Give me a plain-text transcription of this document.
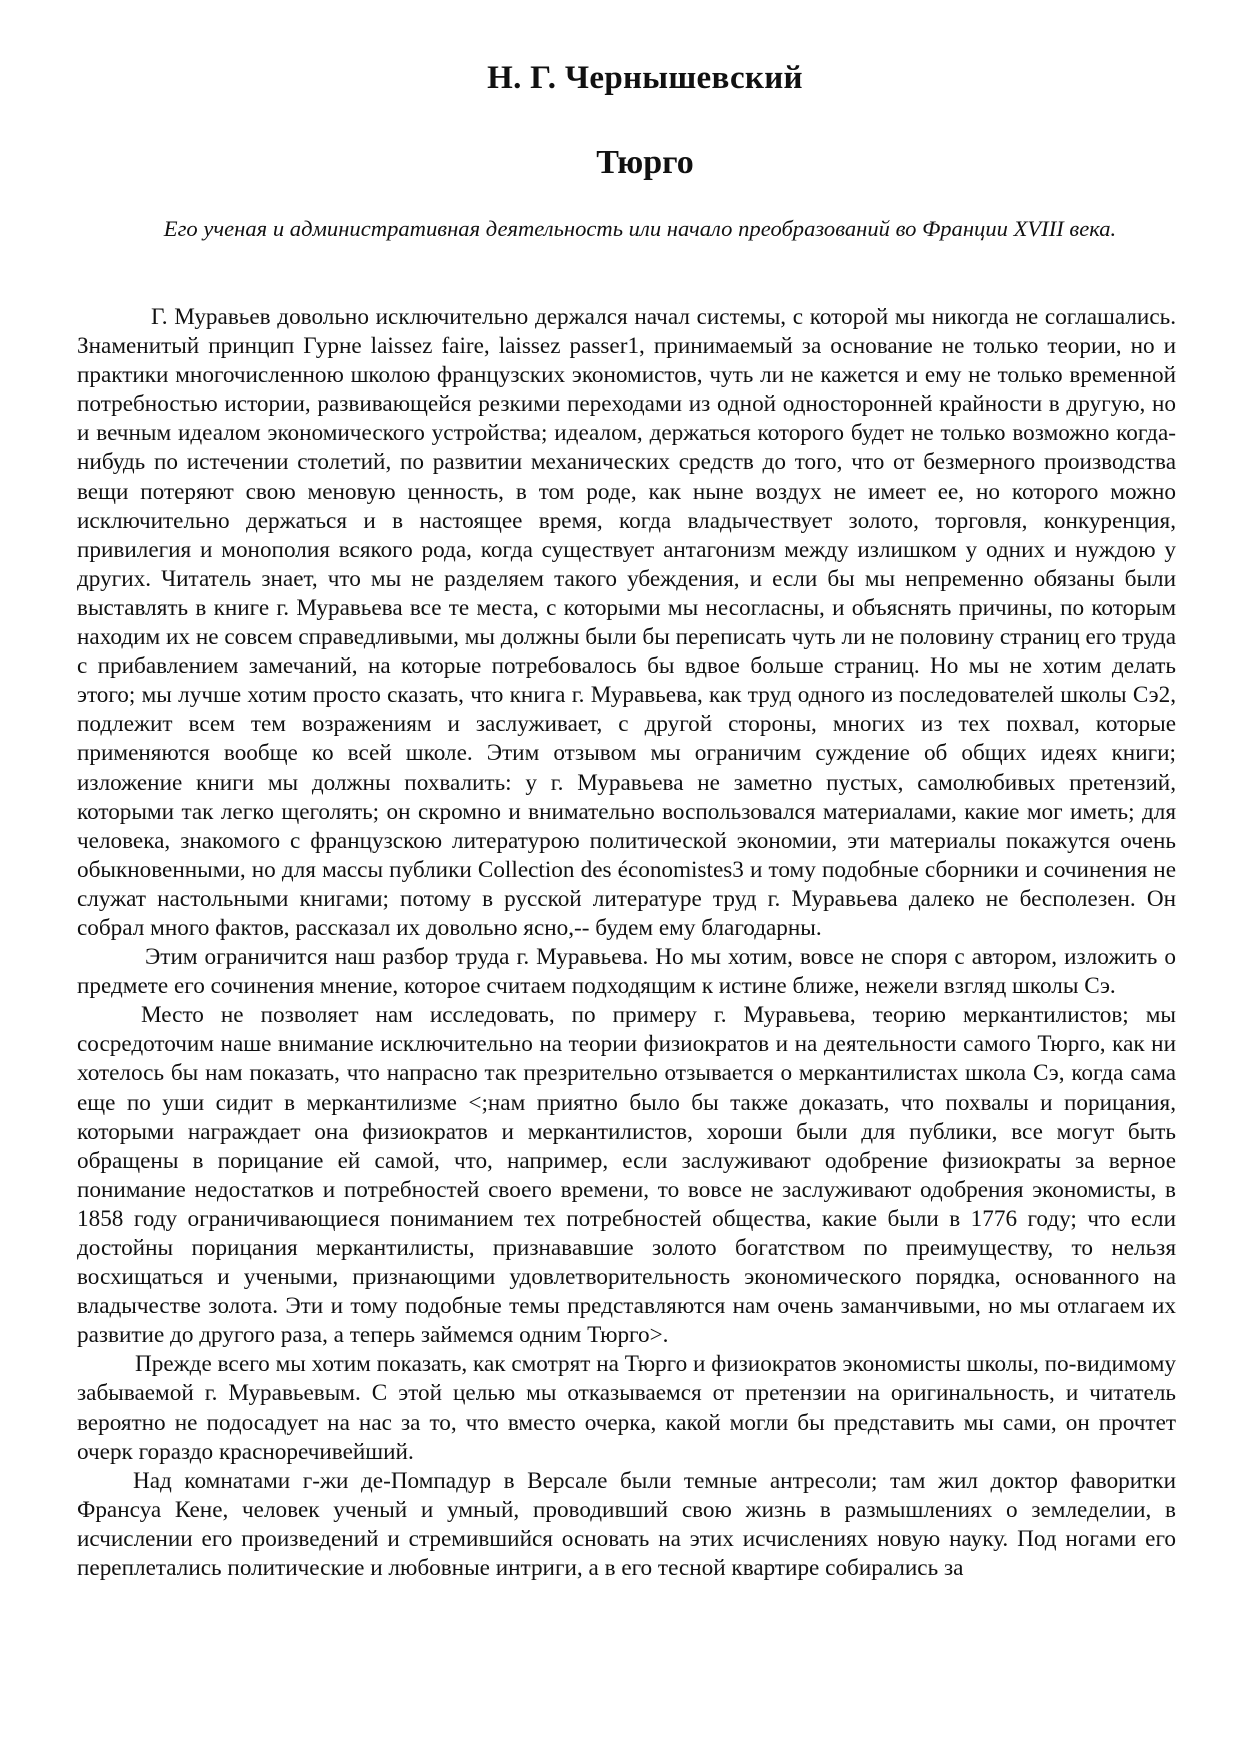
Н. Г. Чернышевский
Тюрго
Его ученая и административная деятельность или начало преобразований во Франции XVIII века.

Г. Муравьев довольно исключительно держался начал системы, с которой мы никогда не соглашались. Знаменитый принцип Гурне laissez faire, laissez passer1, принимаемый за основание не только теории, но и практики многочисленною школою французских экономистов, чуть ли не кажется и ему не только временной потребностью истории, развивающейся резкими переходами из одной односторонней крайности в другую, но и вечным идеалом экономического устройства; идеалом, держаться которого будет не только возможно когда-нибудь по истечении столетий, по развитии механических средств до того, что от безмерного производства вещи потеряют свою меновую ценность, в том роде, как ныне воздух не имеет ее, но которого можно исключительно держаться и в настоящее время, когда владычествует золото, торговля, конкуренция, привилегия и монополия всякого рода, когда существует антагонизм между излишком у одних и нуждою у других. Читатель знает, что мы не разделяем такого убеждения, и если бы мы непременно обязаны были выставлять в книге г. Муравьева все те места, с которыми мы несогласны, и объяснять причины, по которым находим их не совсем справедливыми, мы должны были бы переписать чуть ли не половину страниц его труда с прибавлением замечаний, на которые потребовалось бы вдвое больше страниц. Но мы не хотим делать этого; мы лучше хотим просто сказать, что книга г. Муравьева, как труд одного из последователей школы Сэ2, подлежит всем тем возражениям и заслуживает, с другой стороны, многих из тех похвал, которые применяются вообще ко всей школе. Этим отзывом мы ограничим суждение об общих идеях книги; изложение книги мы должны похвалить: у г. Муравьева не заметно пустых, самолюбивых претензий, которыми так легко щеголять; он скромно и внимательно воспользовался материалами, какие мог иметь; для человека, знакомого с французскою литературою политической экономии, эти материалы покажутся очень обыкновенными, но для массы публики Collection des économistes3 и тому подобные сборники и сочинения не служат настольными книгами; потому в русской литературе труд г. Муравьева далеко не бесполезен. Он собрал много фактов, рассказал их довольно ясно,-- будем ему благодарны.

Этим ограничится наш разбор труда г. Муравьева. Но мы хотим, вовсе не споря с автором, изложить о предмете его сочинения мнение, которое считаем подходящим к истине ближе, нежели взгляд школы Сэ.

Место не позволяет нам исследовать, по примеру г. Муравьева, теорию меркантилистов; мы сосредоточим наше внимание исключительно на теории физиократов и на деятельности самого Тюрго, как ни хотелось бы нам показать, что напрасно так презрительно отзывается о меркантилистах школа Сэ, когда сама еще по уши сидит в меркантилизме <;нам приятно было бы также доказать, что похвалы и порицания, которыми награждает она физиократов и меркантилистов, хороши были для публики, все могут быть обращены в порицание ей самой, что, например, если заслуживают одобрение физиократы за верное понимание недостатков и потребностей своего времени, то вовсе не заслуживают одобрения экономисты, в 1858 году ограничивающиеся пониманием тех потребностей общества, какие были в 1776 году; что если достойны порицания меркантилисты, признававшие золото богатством по преимуществу, то нельзя восхищаться и учеными, признающими удовлетворительность экономического порядка, основанного на владычестве золота. Эти и тому подобные темы представляются нам очень заманчивыми, но мы отлагаем их развитие до другого раза, а теперь займемся одним Тюрго>.

Прежде всего мы хотим показать, как смотрят на Тюрго и физиократов экономисты школы, по-видимому забываемой г. Муравьевым. С этой целью мы отказываемся от претензии на оригинальность, и читатель вероятно не подосадует на нас за то, что вместо очерка, какой могли бы представить мы сами, он прочтет очерк гораздо красноречивейший.

Над комнатами г-жи де-Помпадур в Версале были темные антресоли; там жил доктор фаворитки Франсуа Кене, человек ученый и умный, проводивший свою жизнь в размышлениях о земледелии, в исчислении его произведений и стремившийся основать на этих исчислениях новую науку. Под ногами его переплетались политические и любовные интриги, а в его тесной квартире собирались за
